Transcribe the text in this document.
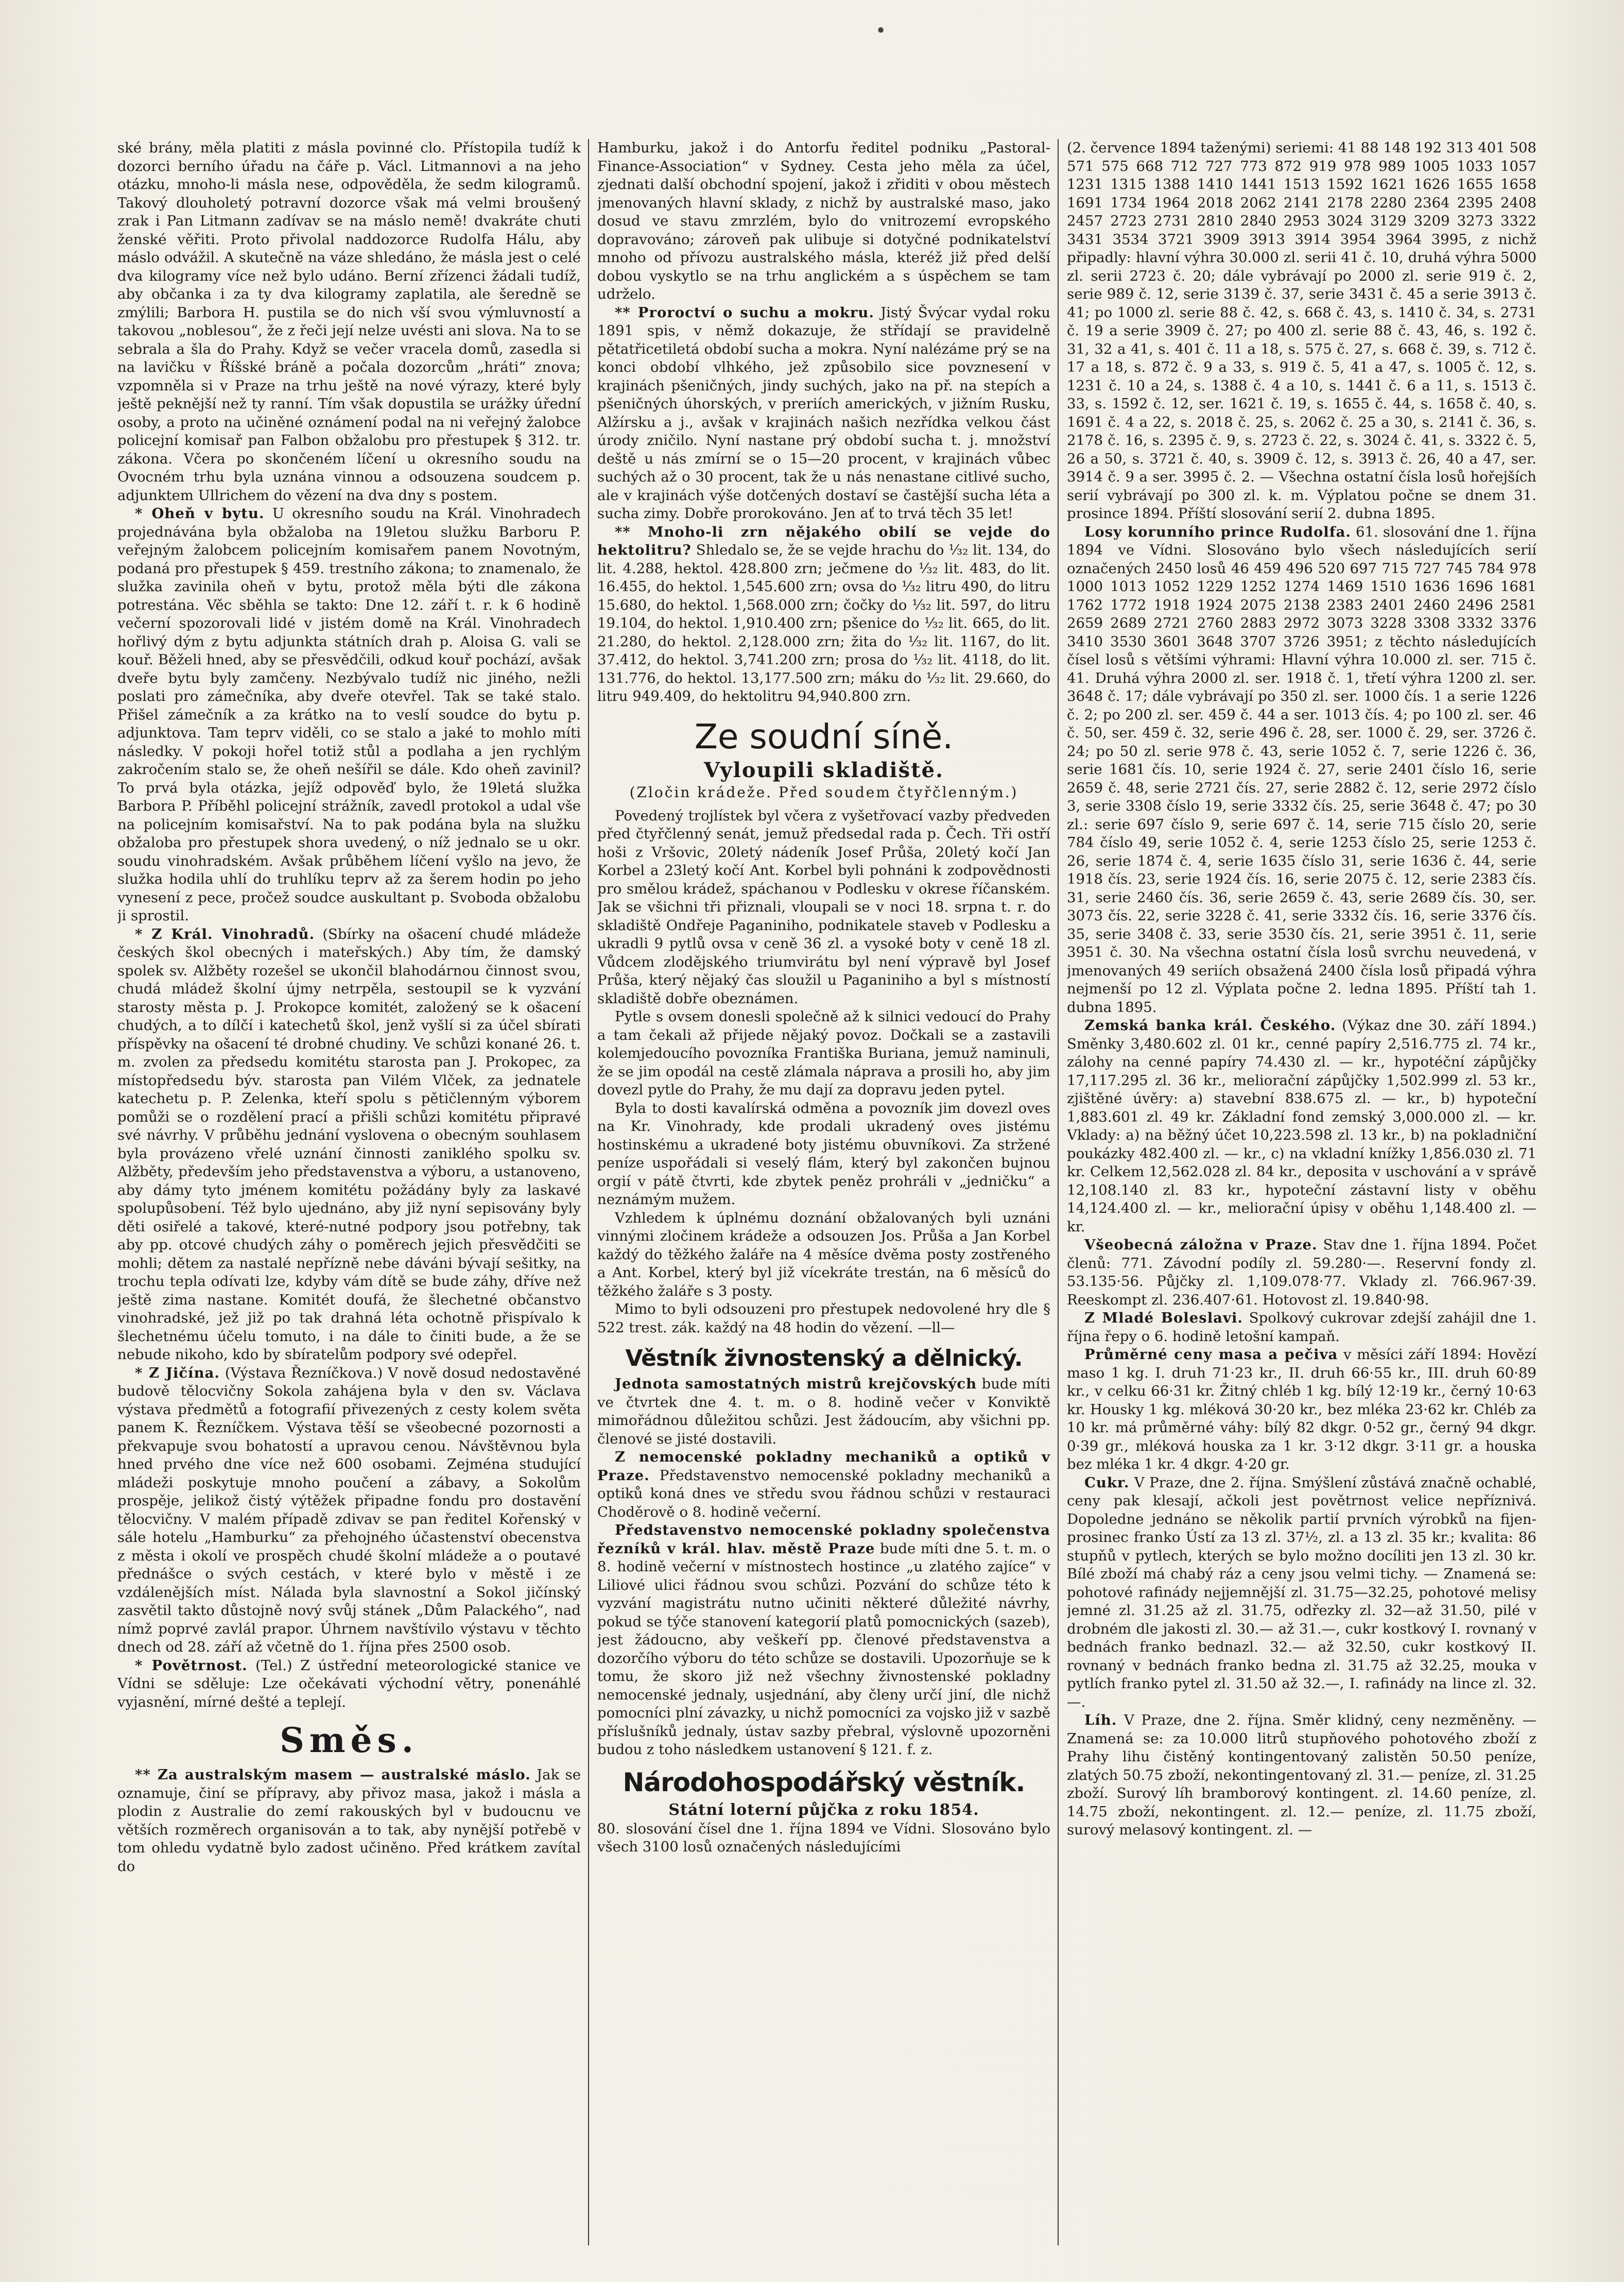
•

ské brány, měla platiti z másla povinné clo. Přístopila tudíž k dozorci berního úřadu na čáře p. Václ. Litmannovi a na jeho otázku, mnoho-li másla nese, odpověděla, že sedm kilogramů. Takový dlouholetý potravní dozorce však má velmi broušený zrak i Pan Litmann zadívav se na máslo nemě! dvakráte chuti ženské věřiti. Proto přivolal naddozorce Rudolfa Hálu, aby máslo odvážil. A skutečně na váze shledáno, že másla jest o celé dva kilogramy více než bylo udáno. Berní zřízenci žádali tudíž, aby občanka i za ty dva kilogramy zaplatila, ale šeredně se zmýlili; Barbora H. pustila se do nich vší svou výmluvností a takovou „noblesou“, že z řeči její nelze uvésti ani slova. Na to se sebrala a šla do Prahy. Když se večer vracela domů, zasedla si na lavičku v Říšské bráně a počala dozorcům „hráti“ znova; vzpomněla si v Praze na trhu ještě na nové výrazy, které byly ještě peknější než ty ranní. Tím však dopustila se urážky úřední osoby, a proto na učiněné oznámení podal na ni veřejný žalobce policejní komisař pan Falbon obžalobu pro přestupek § 312. tr. zákona. Včera po skončeném líčení u okresního soudu na Ovocném trhu byla uznána vinnou a odsouzena soudcem p. adjunktem Ullrichem do vězení na dva dny s postem.

* Oheň v bytu. U okresního soudu na Král. Vinohradech projednávána byla obžaloba na 19letou služku Barboru P. veřejným žalobcem policejním komisařem panem Novotným, podaná pro přestupek § 459. trestního zákona; to znamenalo, že služka zavinila oheň v bytu, protož měla býti dle zákona potrestána. Věc sběhla se takto: Dne 12. září t. r. k 6 hodině večerní spozorovali lidé v jistém domě na Král. Vinohradech hořlivý dým z bytu adjunkta státních drah p. Aloisa G. vali se kouř. Běželi hned, aby se přesvědčili, odkud kouř pochází, avšak dveře bytu byly zamčeny. Nezbývalo tudíž nic jiného, nežli poslati pro zámečníka, aby dveře otevřel. Tak se také stalo. Přišel zámečník a za krátko na to veslí soudce do bytu p. adjunktova. Tam teprv viděli, co se stalo a jaké to mohlo míti následky. V pokoji hořel totiž stůl a podlaha a jen rychlým zakročením stalo se, že oheň nešířil se dále. Kdo oheň zavinil? To prvá byla otázka, jejíž odpověď bylo, že 19letá služka Barbora P. Příběhl policejní strážník, zavedl protokol a udal vše na policejním komisařství. Na to pak podána byla na služku obžaloba pro přestupek shora uvedený, o níž jednalo se u okr. soudu vinohradském. Avšak průběhem líčení vyšlo na jevo, že služka hodila uhlí do truhlíku teprv až za šerem hodin po jeho vynesení z pece, pročež soudce auskultant p. Svoboda obžalobu ji sprostil.

* Z Král. Vinohradů. (Sbírky na ošacení chudé mládeže českých škol obecných i mateřských.) Aby tím, že damský spolek sv. Alžběty rozešel se ukončil blahodárnou činnost svou, chudá mládež školní újmy netrpěla, sestoupil se k vyzvání starosty města p. J. Prokopce komitét, založený se k ošacení chudých, a to dílčí i katechetů škol, jenž vyšlí si za účel sbírati příspěvky na ošacení té drobné chudiny. Ve schůzi konané 26. t. m. zvolen za předsedu komitétu starosta pan J. Prokopec, za místopředsedu býv. starosta pan Vilém Vlček, za jednatele katechetu p. P. Zelenka, kteří spolu s pětičlenným výborem pomůži se o rozdělení prací a přišli schůzi komitétu připravé své návrhy. V průběhu jednání vyslovena o obecným souhlasem byla provázeno vřelé uznání činnosti zaniklého spolku sv. Alžběty, především jeho představenstva a výboru, a ustanoveno, aby dámy tyto jménem komitétu požádány byly za laskavé spolupůsobení. Též bylo ujednáno, aby již nyní sepisovány byly děti osiřelé a takové, které-nutné podpory jsou potřebny, tak aby pp. otcové chudých záhy o poměrech jejich přesvědčiti se mohli; dětem za nastalé nepřízně nebe dáváni bývají sešitky, na trochu tepla odívati lze, kdyby vám dítě se bude záhy, dříve než ještě zima nastane. Komitét doufá, že šlechetné občanstvo vinohradské, jež již po tak drahná léta ochotně přispívalo k šlechetnému účelu tomuto, i na dále to činiti bude, a že se nebude nikoho, kdo by sbíratelům podpory své odepřel.

* Z Jičína. (Výstava Řezníčkova.) V nově dosud nedostavěné budově tělocvičny Sokola zahájena byla v den sv. Václava výstava předmětů a fotografií přivezených z cesty kolem světa panem K. Řezníčkem. Výstava těší se všeobecné pozornosti a překvapuje svou bohatostí a upravou cenou. Návštěvnou byla hned prvého dne více než 600 osobami. Zejména studující mládeži poskytuje mnoho poučení a zábavy, a Sokolům prospěje, jelikož čistý výtěžek připadne fondu pro dostavění tělocvičny. V malém případě zdivav se pan ředitel Kořenský v sále hotelu „Hamburku“ za přehojného účastenství obecenstva z města i okolí ve prospěch chudé školní mládeže a o poutavé přednášce o svých cestách, v které bylo v městě i ze vzdálenějších míst. Nálada byla slavnostní a Sokol jičínský zasvětil takto důstojně nový svůj stánek „Dům Palackého“, nad nímž poprvé zavlál prapor. Úhrnem navštívilo výstavu v těchto dnech od 28. září až včetně do 1. října přes 2500 osob.

* Povětrnost. (Tel.) Z ústřední meteorologické stanice ve Vídni se sděluje: Lze očekávati východní větry, ponenáhlé vyjasnění, mírné dešté a teplejí.

Směs.

** Za australským masem — australské máslo. Jak se oznamuje, činí se přípravy, aby přivoz masa, jakož i másla a plodin z Australie do zemí rakouských byl v budoucnu ve větších rozměrech organisován a to tak, aby nynější potřebě v tom ohledu vydatně bylo zadost učiněno. Před krátkem zavítal do

Hamburku, jakož i do Antorfu ředitel podniku „Pastoral-Finance-Association“ v Sydney. Cesta jeho měla za účel, zjednati další obchodní spojení, jakož i zřiditi v obou městech jmenovaných hlavní sklady, z nichž by australské maso, jako dosud ve stavu zmrzlém, bylo do vnitrozemí evropského dopravováno; zároveň pak ulibuje si dotyčné podnikatelství mnoho od přívozu australského másla, kteréž již před delší dobou vyskytlo se na trhu anglickém a s úspěchem se tam udrželo.

** Proroctví o suchu a mokru. Jistý Švýcar vydal roku 1891 spis, v němž dokazuje, že střídají se pravidelně pětatřicetiletá období sucha a mokra. Nyní nalézáme prý se na konci období vlhkého, jež způsobilo sice povznesení v krajinách pšeničných, jindy suchých, jako na př. na stepích a pšeničných úhorských, v preriích amerických, v jižním Rusku, Alžírsku a j., avšak v krajinách našich nezřídka velkou část úrody zničilo. Nyní nastane prý období sucha t. j. množství deště u nás zmírní se o 15—20 procent, v krajinách vůbec suchých až o 30 procent, tak že u nás nenastane citlivé sucho, ale v krajinách výše dotčených dostaví se častější sucha léta a sucha zimy. Dobře prorokováno. Jen ať to trvá těch 35 let!

** Mnoho-li zrn nějakého obilí se vejde do hektolitru? Shledalo se, že se vejde hrachu do ¹⁄₃₂ lit. 134, do lit. 4.288, hektol. 428.800 zrn; ječmene do ¹⁄₃₂ lit. 483, do lit. 16.455, do hektol. 1,545.600 zrn; ovsa do ¹⁄₃₂ litru 490, do litru 15.680, do hektol. 1,568.000 zrn; čočky do ¹⁄₃₂ lit. 597, do litru 19.104, do hektol. 1,910.400 zrn; pšenice do ¹⁄₃₂ lit. 665, do lit. 21.280, do hektol. 2,128.000 zrn; žita do ¹⁄₃₂ lit. 1167, do lit. 37.412, do hektol. 3,741.200 zrn; prosa do ¹⁄₃₂ lit. 4118, do lit. 131.776, do hektol. 13,177.500 zrn; máku do ¹⁄₃₂ lit. 29.660, do litru 949.409, do hektolitru 94,940.800 zrn.

Ze soudní síně.
Vyloupili skladiště.
(Zločin krádeže. Před soudem čtyřčlenným.)

Povedený trojlístek byl včera z vyšetřovací vazby předveden před čtyřčlenný senát, jemuž předsedal rada p. Čech. Tři ostří hoši z Vršovic, 20letý nádeník Josef Průša, 20letý kočí Jan Korbel a 23letý kočí Ant. Korbel byli pohnáni k zodpovědnosti pro smělou krádež, spáchanou v Podlesku v okrese říčanském. Jak se všichni tři přiznali, vloupali se v noci 18. srpna t. r. do skladiště Ondřeje Paganiniho, podnikatele staveb v Podlesku a ukradli 9 pytlů ovsa v ceně 36 zl. a vysoké boty v ceně 18 zl. Vůdcem zlodějského triumvirátu byl není výpravě byl Josef Průša, který nějaký čas sloužil u Paganiniho a byl s místností skladiště dobře obeznámen.

Pytle s ovsem donesli společně až k silnici vedoucí do Prahy a tam čekali až přijede nějaký povoz. Dočkali se a zastavili kolemjedoucího povozníka Františka Buriana, jemuž naminuli, že se jim opodál na cestě zlámala náprava a prosili ho, aby jim dovezl pytle do Prahy, že mu dají za dopravu jeden pytel.

Byla to dosti kavalírská odměna a povozník jim dovezl oves na Kr. Vinohrady, kde prodali ukradený oves jistému hostinskému a ukradené boty jistému obuvníkovi. Za stržené peníze uspořádali si veselý flám, který byl zakončen bujnou orgií v pátě čtvrti, kde zbytek peněz prohráli v „jedničku“ a neznámým mužem.

Vzhledem k úplnému doznání obžalovaných byli uznáni vinnými zločinem krádeže a odsouzen Jos. Průša a Jan Korbel každý do těžkého žaláře na 4 měsíce dvěma posty zostřeného a Ant. Korbel, který byl již vícekráte trestán, na 6 měsíců do těžkého žaláře s 3 posty.

Mimo to byli odsouzeni pro přestupek nedovolené hry dle § 522 trest. zák. každý na 48 hodin do vězení. —ll—

Věstník živnostenský a dělnický.

Jednota samostatných mistrů krejčovských bude míti ve čtvrtek dne 4. t. m. o 8. hodině večer v Konviktě mimořádnou důležitou schůzi. Jest žádoucím, aby všichni pp. členové se jisté dostavili.

Z nemocenské pokladny mechaniků a optiků v Praze. Představenstvo nemocenské pokladny mechaniků a optiků koná dnes ve středu svou řádnou schůzi v restauraci Choděrově o 8. hodině večerní.

Představenstvo nemocenské pokladny společenstva řezníků v král. hlav. městě Praze bude míti dne 5. t. m. o 8. hodině večerní v místnostech hostince „u zlatého zajíce“ v Liliové ulici řádnou svou schůzi. Pozvání do schůze této k vyzvání magistrátu nutno učiniti některé důležité návrhy, pokud se týče stanovení kategorií platů pomocnických (sazeb), jest žádoucno, aby veškeří pp. členové představenstva a dozorčího výboru do této schůze se dostavili. Upozorňuje se k tomu, že skoro již než všechny živnostenské pokladny nemocenské jednaly, usjednání, aby členy určí jiní, dle nichž pomocníci plní závazky, u nichž pomocníci za vojsko již v sazbě příslušníků jednaly, ústav sazby přebral, výslovně upozorněni budou z toho následkem ustanovení § 121. f. z.

Národohospodářský věstník.
Státní loterní půjčka z roku 1854.

80. slosování čísel dne 1. října 1894 ve Vídni. Slosováno bylo všech 3100 losů označených následujícími

(2. července 1894 taženými) seriemi: 41 88 148 192 313 401 508 571 575 668 712 727 773 872 919 978 989 1005 1033 1057 1231 1315 1388 1410 1441 1513 1592 1621 1626 1655 1658 1691 1734 1964 2018 2062 2141 2178 2280 2364 2395 2408 2457 2723 2731 2810 2840 2953 3024 3129 3209 3273 3322 3431 3534 3721 3909 3913 3914 3954 3964 3995, z nichž připadly: hlavní výhra 30.000 zl. serii 41 č. 10, druhá výhra 5000 zl. serii 2723 č. 20; dále vybrávají po 2000 zl. serie 919 č. 2, serie 989 č. 12, serie 3139 č. 37, serie 3431 č. 45 a serie 3913 č. 41; po 1000 zl. serie 88 č. 42, s. 668 č. 43, s. 1410 č. 34, s. 2731 č. 19 a serie 3909 č. 27; po 400 zl. serie 88 č. 43, 46, s. 192 č. 31, 32 a 41, s. 401 č. 11 a 18, s. 575 č. 27, s. 668 č. 39, s. 712 č. 17 a 18, s. 872 č. 9 a 33, s. 919 č. 5, 41 a 47, s. 1005 č. 12, s. 1231 č. 10 a 24, s. 1388 č. 4 a 10, s. 1441 č. 6 a 11, s. 1513 č. 33, s. 1592 č. 12, ser. 1621 č. 19, s. 1655 č. 44, s. 1658 č. 40, s. 1691 č. 4 a 22, s. 2018 č. 25, s. 2062 č. 25 a 30, s. 2141 č. 36, s. 2178 č. 16, s. 2395 č. 9, s. 2723 č. 22, s. 3024 č. 41, s. 3322 č. 5, 26 a 50, s. 3721 č. 40, s. 3909 č. 12, s. 3913 č. 26, 40 a 47, ser. 3914 č. 9 a ser. 3995 č. 2. — Všechna ostatní čísla losů hořejších serií vybrávají po 300 zl. k. m. Výplatou počne se dnem 31. prosince 1894. Příští slosování serií 2. dubna 1895.

Losy korunního prince Rudolfa. 61. slosování dne 1. října 1894 ve Vídni. Slosováno bylo všech následujících serií označených 2450 losů 46 459 496 520 697 715 727 745 784 978 1000 1013 1052 1229 1252 1274 1469 1510 1636 1696 1681 1762 1772 1918 1924 2075 2138 2383 2401 2460 2496 2581 2659 2689 2721 2760 2883 2972 3073 3228 3308 3332 3376 3410 3530 3601 3648 3707 3726 3951; z těchto následujících čísel losů s většími výhrami: Hlavní výhra 10.000 zl. ser. 715 č. 41. Druhá výhra 2000 zl. ser. 1918 č. 1, třetí výhra 1200 zl. ser. 3648 č. 17; dále vybrávají po 350 zl. ser. 1000 čís. 1 a serie 1226 č. 2; po 200 zl. ser. 459 č. 44 a ser. 1013 čís. 4; po 100 zl. ser. 46 č. 50, ser. 459 č. 32, serie 496 č. 28, ser. 1000 č. 29, ser. 3726 č. 24; po 50 zl. serie 978 č. 43, serie 1052 č. 7, serie 1226 č. 36, serie 1681 čís. 10, serie 1924 č. 27, serie 2401 číslo 16, serie 2659 č. 48, serie 2721 čís. 27, serie 2882 č. 12, serie 2972 číslo 3, serie 3308 číslo 19, serie 3332 čís. 25, serie 3648 č. 47; po 30 zl.: serie 697 číslo 9, serie 697 č. 14, serie 715 číslo 20, serie 784 číslo 49, serie 1052 č. 4, serie 1253 číslo 25, serie 1253 č. 26, serie 1874 č. 4, serie 1635 číslo 31, serie 1636 č. 44, serie 1918 čís. 23, serie 1924 čís. 16, serie 2075 č. 12, serie 2383 čís. 31, serie 2460 čís. 36, serie 2659 č. 43, serie 2689 čís. 30, ser. 3073 čís. 22, serie 3228 č. 41, serie 3332 čís. 16, serie 3376 čís. 35, serie 3408 č. 33, serie 3530 čís. 21, serie 3951 č. 11, serie 3951 č. 30. Na všechna ostatní čísla losů svrchu neuvedená, v jmenovaných 49 seriích obsažená 2400 čísla losů připadá výhra nejmenší po 12 zl. Výplata počne 2. ledna 1895. Příští tah 1. dubna 1895.

Zemská banka král. Českého. (Výkaz dne 30. září 1894.) Směnky 3,480.602 zl. 01 kr., cenné papíry 2,516.775 zl. 74 kr., zálohy na cenné papíry 74.430 zl. — kr., hypotéční zápůjčky 17,117.295 zl. 36 kr., meliorační zápůjčky 1,502.999 zl. 53 kr., zjištěné úvěry: a) stavební 838.675 zl. — kr., b) hypoteční 1,883.601 zl. 49 kr. Základní fond zemský 3,000.000 zl. — kr. Vklady: a) na běžný účet 10,223.598 zl. 13 kr., b) na pokladniční poukázky 482.400 zl. — kr., c) na vkladní knížky 1,856.030 zl. 71 kr. Celkem 12,562.028 zl. 84 kr., deposita v uschování a v správě 12,108.140 zl. 83 kr., hypoteční zástavní listy v oběhu 14,124.400 zl. — kr., meliorační úpisy v oběhu 1,148.400 zl. — kr.

Všeobecná záložna v Praze. Stav dne 1. října 1894. Počet členů: 771. Závodní podíly zl. 59.280·—. Reservní fondy zl. 53.135·56. Půjčky zl. 1,109.078·77. Vklady zl. 766.967·39. Reeskompt zl. 236.407·61. Hotovost zl. 19.840·98.

Z Mladé Boleslavi. Spolkový cukrovar zdejší zahájil dne 1. října řepy o 6. hodině letošní kampaň.

Průměrné ceny masa a pečiva v měsíci září 1894: Hovězí maso 1 kg. I. druh 71·23 kr., II. druh 66·55 kr., III. druh 60·89 kr., v celku 66·31 kr. Žitný chléb 1 kg. bílý 12·19 kr., černý 10·63 kr. Housky 1 kg. mléková 30·20 kr., bez mléka 23·62 kr. Chléb za 10 kr. má průměrné váhy: bílý 82 dkgr. 0·52 gr., černý 94 dkgr. 0·39 gr., mléková houska za 1 kr. 3·12 dkgr. 3·11 gr. a houska bez mléka 1 kr. 4 dkgr. 4·20 gr.

Cukr. V Praze, dne 2. října. Smýšlení zůstává značně ochablé, ceny pak klesají, ačkoli jest povětrnost velice nepříznivá. Dopoledne jednáno se několik partií prvních výrobků na fijen-prosinec franko Ústí za 13 zl. 37½, zl. a 13 zl. 35 kr.; kvalita: 86 stupňů v pytlech, kterých se bylo možno docíliti jen 13 zl. 30 kr. Bílé zboží má chabý ráz a ceny jsou velmi tichy. — Znamená se: pohotové rafinády nejjemnější zl. 31.75—32.25, pohotové melisy jemné zl. 31.25 až zl. 31.75, odřezky zl. 32—až 31.50, pilé v drobném dle jakosti zl. 30.— až 31.—, cukr kostkový I. rovnaný v bednách franko bednazl. 32.— až 32.50, cukr kostkový II. rovnaný v bednách franko bedna zl. 31.75 až 32.25, mouka v pytlích franko pytel zl. 31.50 až 32.—, I. rafinády na lince zl. 32.—.

Líh. V Praze, dne 2. října. Směr klidný, ceny nezměněny. — Znamená se: za 10.000 litrů stupňového pohotového zboží z Prahy lihu čistěný kontingentovaný zalistěn 50.50 peníze, zlatých 50.75 zboží, nekontingentovaný zl. 31.— peníze, zl. 31.25 zboží. Surový líh bramborový kontingent. zl. 14.60 peníze, zl. 14.75 zboží, nekontingent. zl. 12.— peníze, zl. 11.75 zboží, surový melasový kontingent. zl. —
